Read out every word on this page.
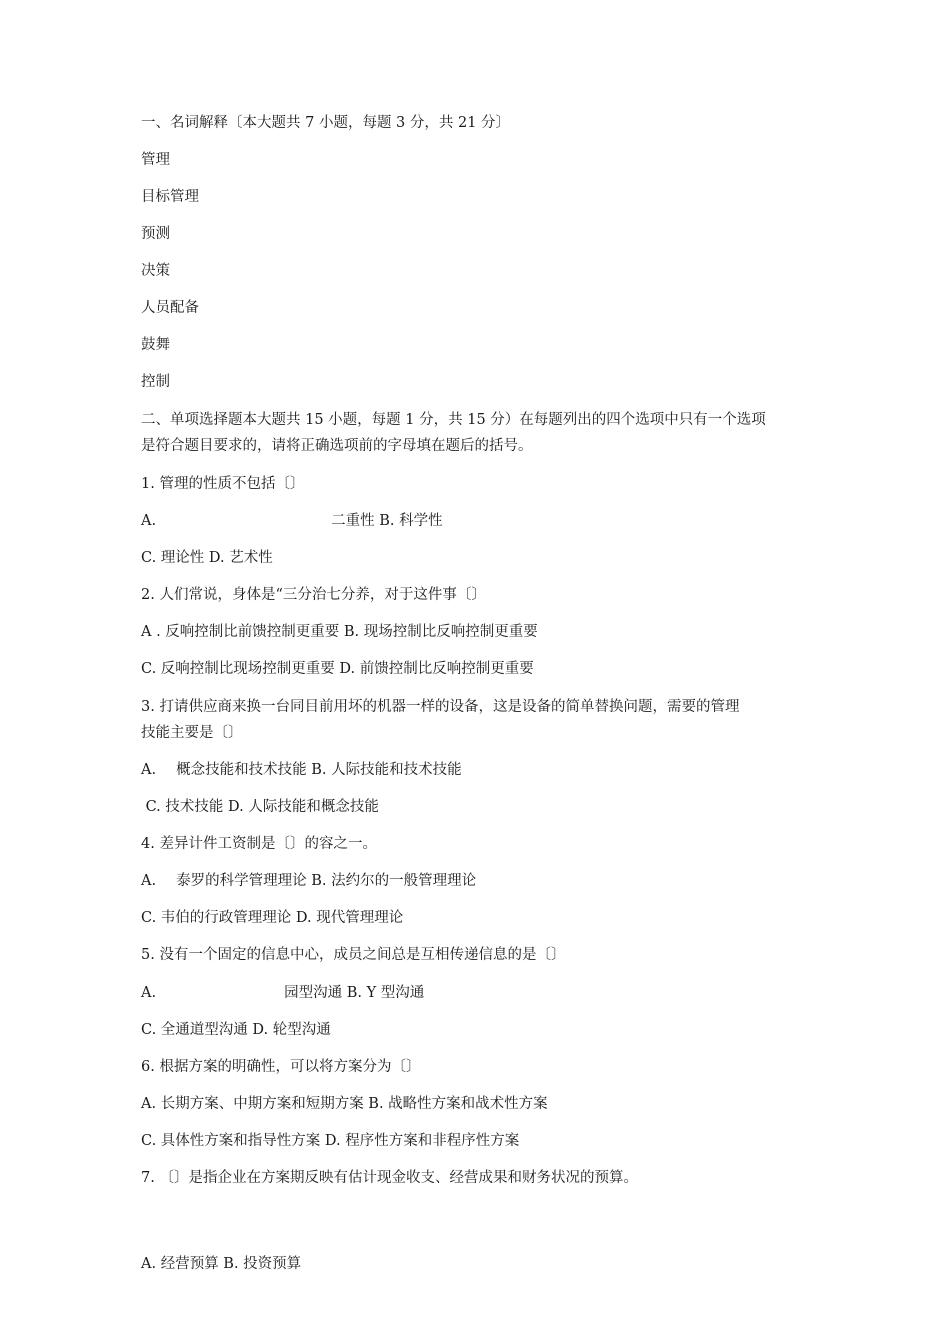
一、名词解释〔本大题共 7 小题，每题 3 分，共 21 分〕
管理
目标管理
预测
决策
人员配备
鼓舞
控制
二、单项选择题本大题共 15 小题，每题 1 分，共 15 分）在每题列出的四个选项中只有一个选项
是符合题目要求的，请将正确选项前的字母填在题后的括号。
1. 管理的性质不包括〔〕
A.	二重性 B. 科学性
C. 理论性 D. 艺术性
2. 人们常说，身体是“三分治七分养，对于这件事〔〕
A . 反响控制比前馈控制更重要 B. 现场控制比反响控制更重要
C. 反响控制比现场控制更重要 D. 前馈控制比反响控制更重要
3. 打请供应商来换一台同目前用坏的机器一样的设备，这是设备的简单替换问题，需要的管理
技能主要是〔〕
A. 概念技能和技术技能 B. 人际技能和技术技能
C. 技术技能 D. 人际技能和概念技能
4. 差异计件工资制是〔〕的容之一。
A. 泰罗的科学管理理论 B. 法约尔的一般管理理论
C. 韦伯的行政管理理论 D. 现代管理理论
5. 没有一个固定的信息中心，成员之间总是互相传递信息的是〔〕
A.	园型沟通 B. Y 型沟通
C. 全通道型沟通 D. 轮型沟通
6. 根据方案的明确性，可以将方案分为〔〕
A. 长期方案、中期方案和短期方案 B. 战略性方案和战术性方案
C. 具体性方案和指导性方案 D. 程序性方案和非程序性方案
7. 〔〕是指企业在方案期反映有估计现金收支、经营成果和财务状况的预算。
A. 经营预算 B. 投资预算
